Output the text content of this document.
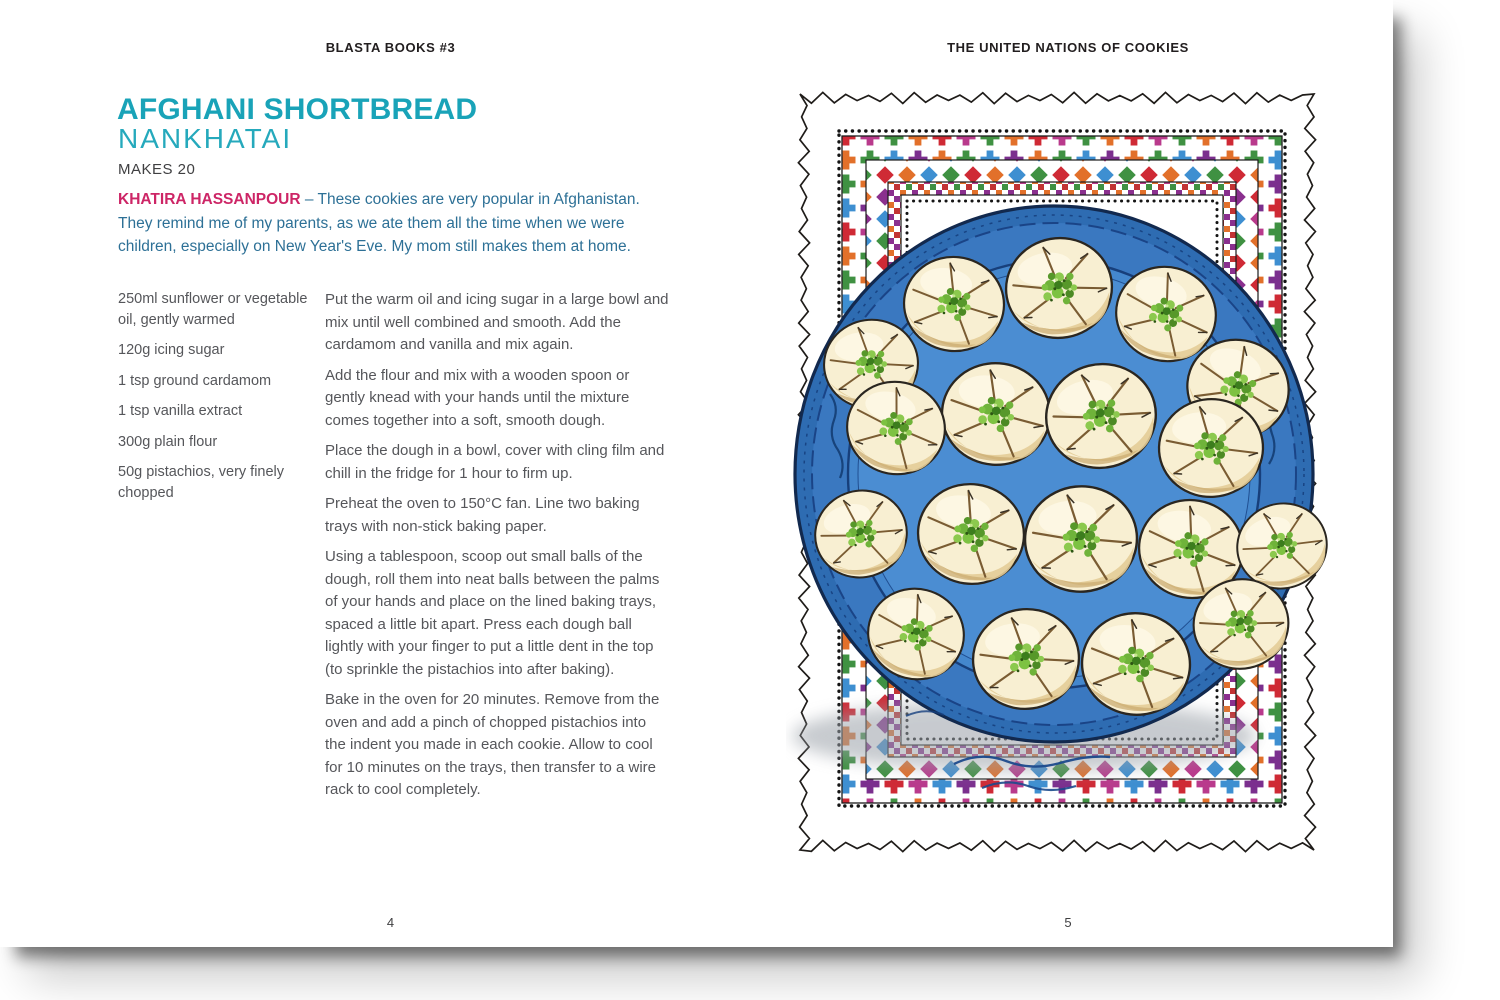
BLASTA BOOKS #3	THE UNITED NATIONS OF COOKIES
AFGHANI SHORTBREAD
NANKHATAI
MAKES 20

KHATIRA HASSANPOUR – These cookies are very popular in Afghanistan. They remind me of my parents, as we ate them all the time when we were children, especially on New Year's Eve. My mom still makes them at home.

250ml sunflower or vegetable oil, gently warmed

120g icing sugar

1 tsp ground cardamom

1 tsp vanilla extract

300g plain flour

50g pistachios, very finely chopped

Put the warm oil and icing sugar in a large bowl and mix until well combined and smooth. Add the cardamom and vanilla and mix again.

Add the flour and mix with a wooden spoon or gently knead with your hands until the mixture comes together into a soft, smooth dough.

Place the dough in a bowl, cover with cling film and chill in the fridge for 1 hour to firm up.

Preheat the oven to 150°C fan. Line two baking trays with non-stick baking paper.

Using a tablespoon, scoop out small balls of the dough, roll them into neat balls between the palms of your hands and place on the lined baking trays, spaced a little bit apart. Press each dough ball lightly with your finger to put a little dent in the top (to sprinkle the pistachios into after baking).

Bake in the oven for 20 minutes. Remove from the oven and add a pinch of chopped pistachios into the indent you made in each cookie. Allow to cool for 10 minutes on the trays, then transfer to a wire rack to cool completely.

4	5
